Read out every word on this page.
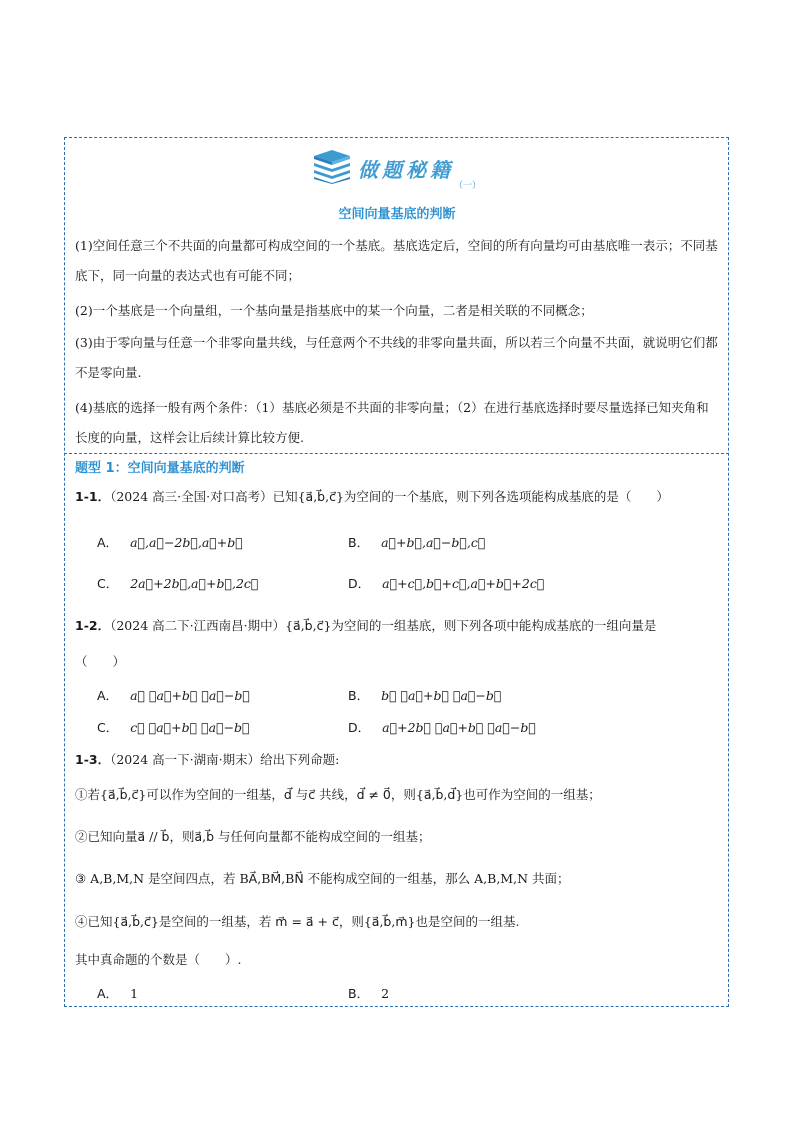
做题秘籍
（一）
空间向量基底的判断
(1)空间任意三个不共面的向量都可构成空间的一个基底。基底选定后，空间的所有向量均可由基底唯一表示；不同基底下，同一向量的表达式也有可能不同；
(2)一个基底是一个向量组，一个基向量是指基底中的某一个向量，二者是相关联的不同概念；
(3)由于零向量与任意一个非零向量共线，与任意两个不共线的非零向量共面，所以若三个向量不共面，就说明它们都不是零向量.
(4)基底的选择一般有两个条件：（1）基底必须是不共面的非零向量；（2）在进行基底选择时要尽量选择已知夹角和长度的向量，这样会让后续计算比较方便.
题型 1：空间向量基底的判断
1-1．（2024 高三·全国·对口高考）已知{a⃗,b⃗,c⃗}为空间的一个基底，则下列各选项能构成基底的是（　　）
A． a⃗,a⃗−2b⃗,a⃗+b⃗	B． a⃗+b⃗,a⃗−b⃗,c⃗
C． 2a⃗+2b⃗,a⃗+b⃗,2c⃗	D． a⃗+c⃗,b⃗+c⃗,a⃗+b⃗+2c⃗
1-2．（2024 高二下·江西南昌·期中）{a⃗,b⃗,c⃗}为空间的一组基底，则下列各项中能构成基底的一组向量是
（　　）
A． a⃗ ，a⃗+b⃗ ，a⃗−b⃗	B． b⃗ ，a⃗+b⃗ ，a⃗−b⃗
C． c⃗ ，a⃗+b⃗ ，a⃗−b⃗	D． a⃗+2b⃗ ，a⃗+b⃗ ，a⃗−b⃗
1-3．（2024 高一下·湖南·期末）给出下列命题:
①若{a⃗,b⃗,c⃗}可以作为空间的一组基，d⃗ 与c⃗ 共线，d⃗ ≠ 0⃗，则{a⃗,b⃗,d⃗}也可作为空间的一组基；
②已知向量a⃗ // b⃗，则a⃗,b⃗ 与任何向量都不能构成空间的一组基；
③ A,B,M,N 是空间四点，若 BA⃗,BM⃗,BN⃗ 不能构成空间的一组基，那么 A,B,M,N 共面；
④已知{a⃗,b⃗,c⃗}是空间的一组基，若 m⃗ = a⃗ + c⃗，则{a⃗,b⃗,m⃗}也是空间的一组基.
其中真命题的个数是（　　）.
A． 1	B． 2
